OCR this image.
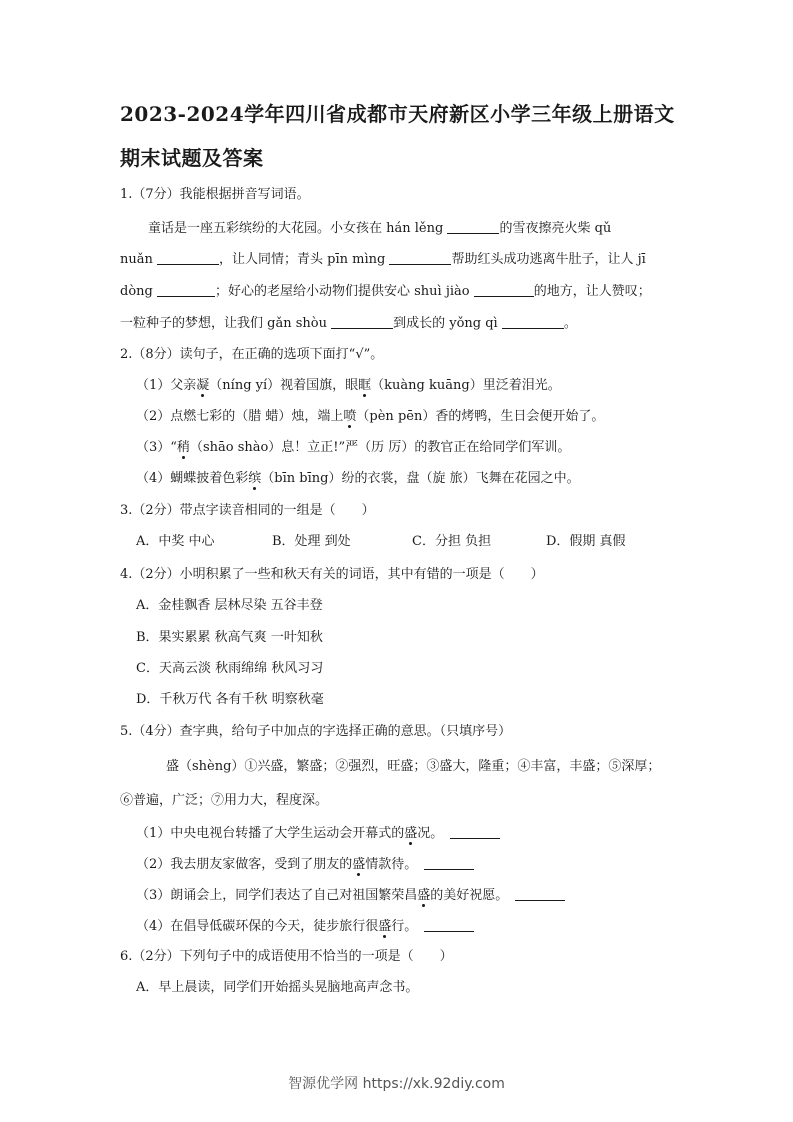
2023-2024学年四川省成都市天府新区小学三年级上册语文
期末试题及答案
1.（7分）我能根据拼音写词语。
童话是一座五彩缤纷的大花园。小女孩在 hán lěng	的雪夜擦亮火柴 qǔ
nuǎn	，让人同情；青头 pīn mìng	帮助红头成功逃离牛肚子，让人 jī
dòng	；好心的老屋给小动物们提供安心 shuì jiào	的地方，让人赞叹；
一粒种子的梦想，让我们 gǎn shòu	到成长的 yǒng qì	。
2.（8分）读句子，在正确的选项下面打“√”。
（1）父亲凝（níng yí）视着国旗，眼眶（kuàng kuāng）里泛着泪光。
（2）点燃七彩的（腊 蜡）烛，端上喷（pèn pēn）香的烤鸭，生日会便开始了。
（3）“稍（shāo shào）息！立正!”严（历 厉）的教官正在给同学们军训。
（4）蝴蝶披着色彩缤（bīn bīng）纷的衣裳，盘（旋 旅）飞舞在花园之中。
3.（2分）带点字读音相同的一组是（　　）
A．中奖 中心	B．处理 到处	C．分担 负担	D．假期 真假
4.（2分）小明积累了一些和秋天有关的词语，其中有错的一项是（　　）
A．金桂飘香 层林尽染 五谷丰登
B．果实累累 秋高气爽 一叶知秋
C．天高云淡 秋雨绵绵 秋风习习
D．千秋万代 各有千秋 明察秋毫
5.（4分）查字典，给句子中加点的字选择正确的意思。（只填序号）
盛（shèng）①兴盛，繁盛；②强烈，旺盛；③盛大，隆重；④丰富，丰盛；⑤深厚；
⑥普遍，广泛；⑦用力大，程度深。
（1）中央电视台转播了大学生运动会开幕式的盛况。　
（2）我去朋友家做客，受到了朋友的盛情款待。　
（3）朗诵会上，同学们表达了自己对祖国繁荣昌盛的美好祝愿。　
（4）在倡导低碳环保的今天，徒步旅行很盛行。　
6.（2分）下列句子中的成语使用不恰当的一项是（　　）
A．早上晨读，同学们开始摇头晃脑地高声念书。
智源优学网 https://xk.92diy.com
